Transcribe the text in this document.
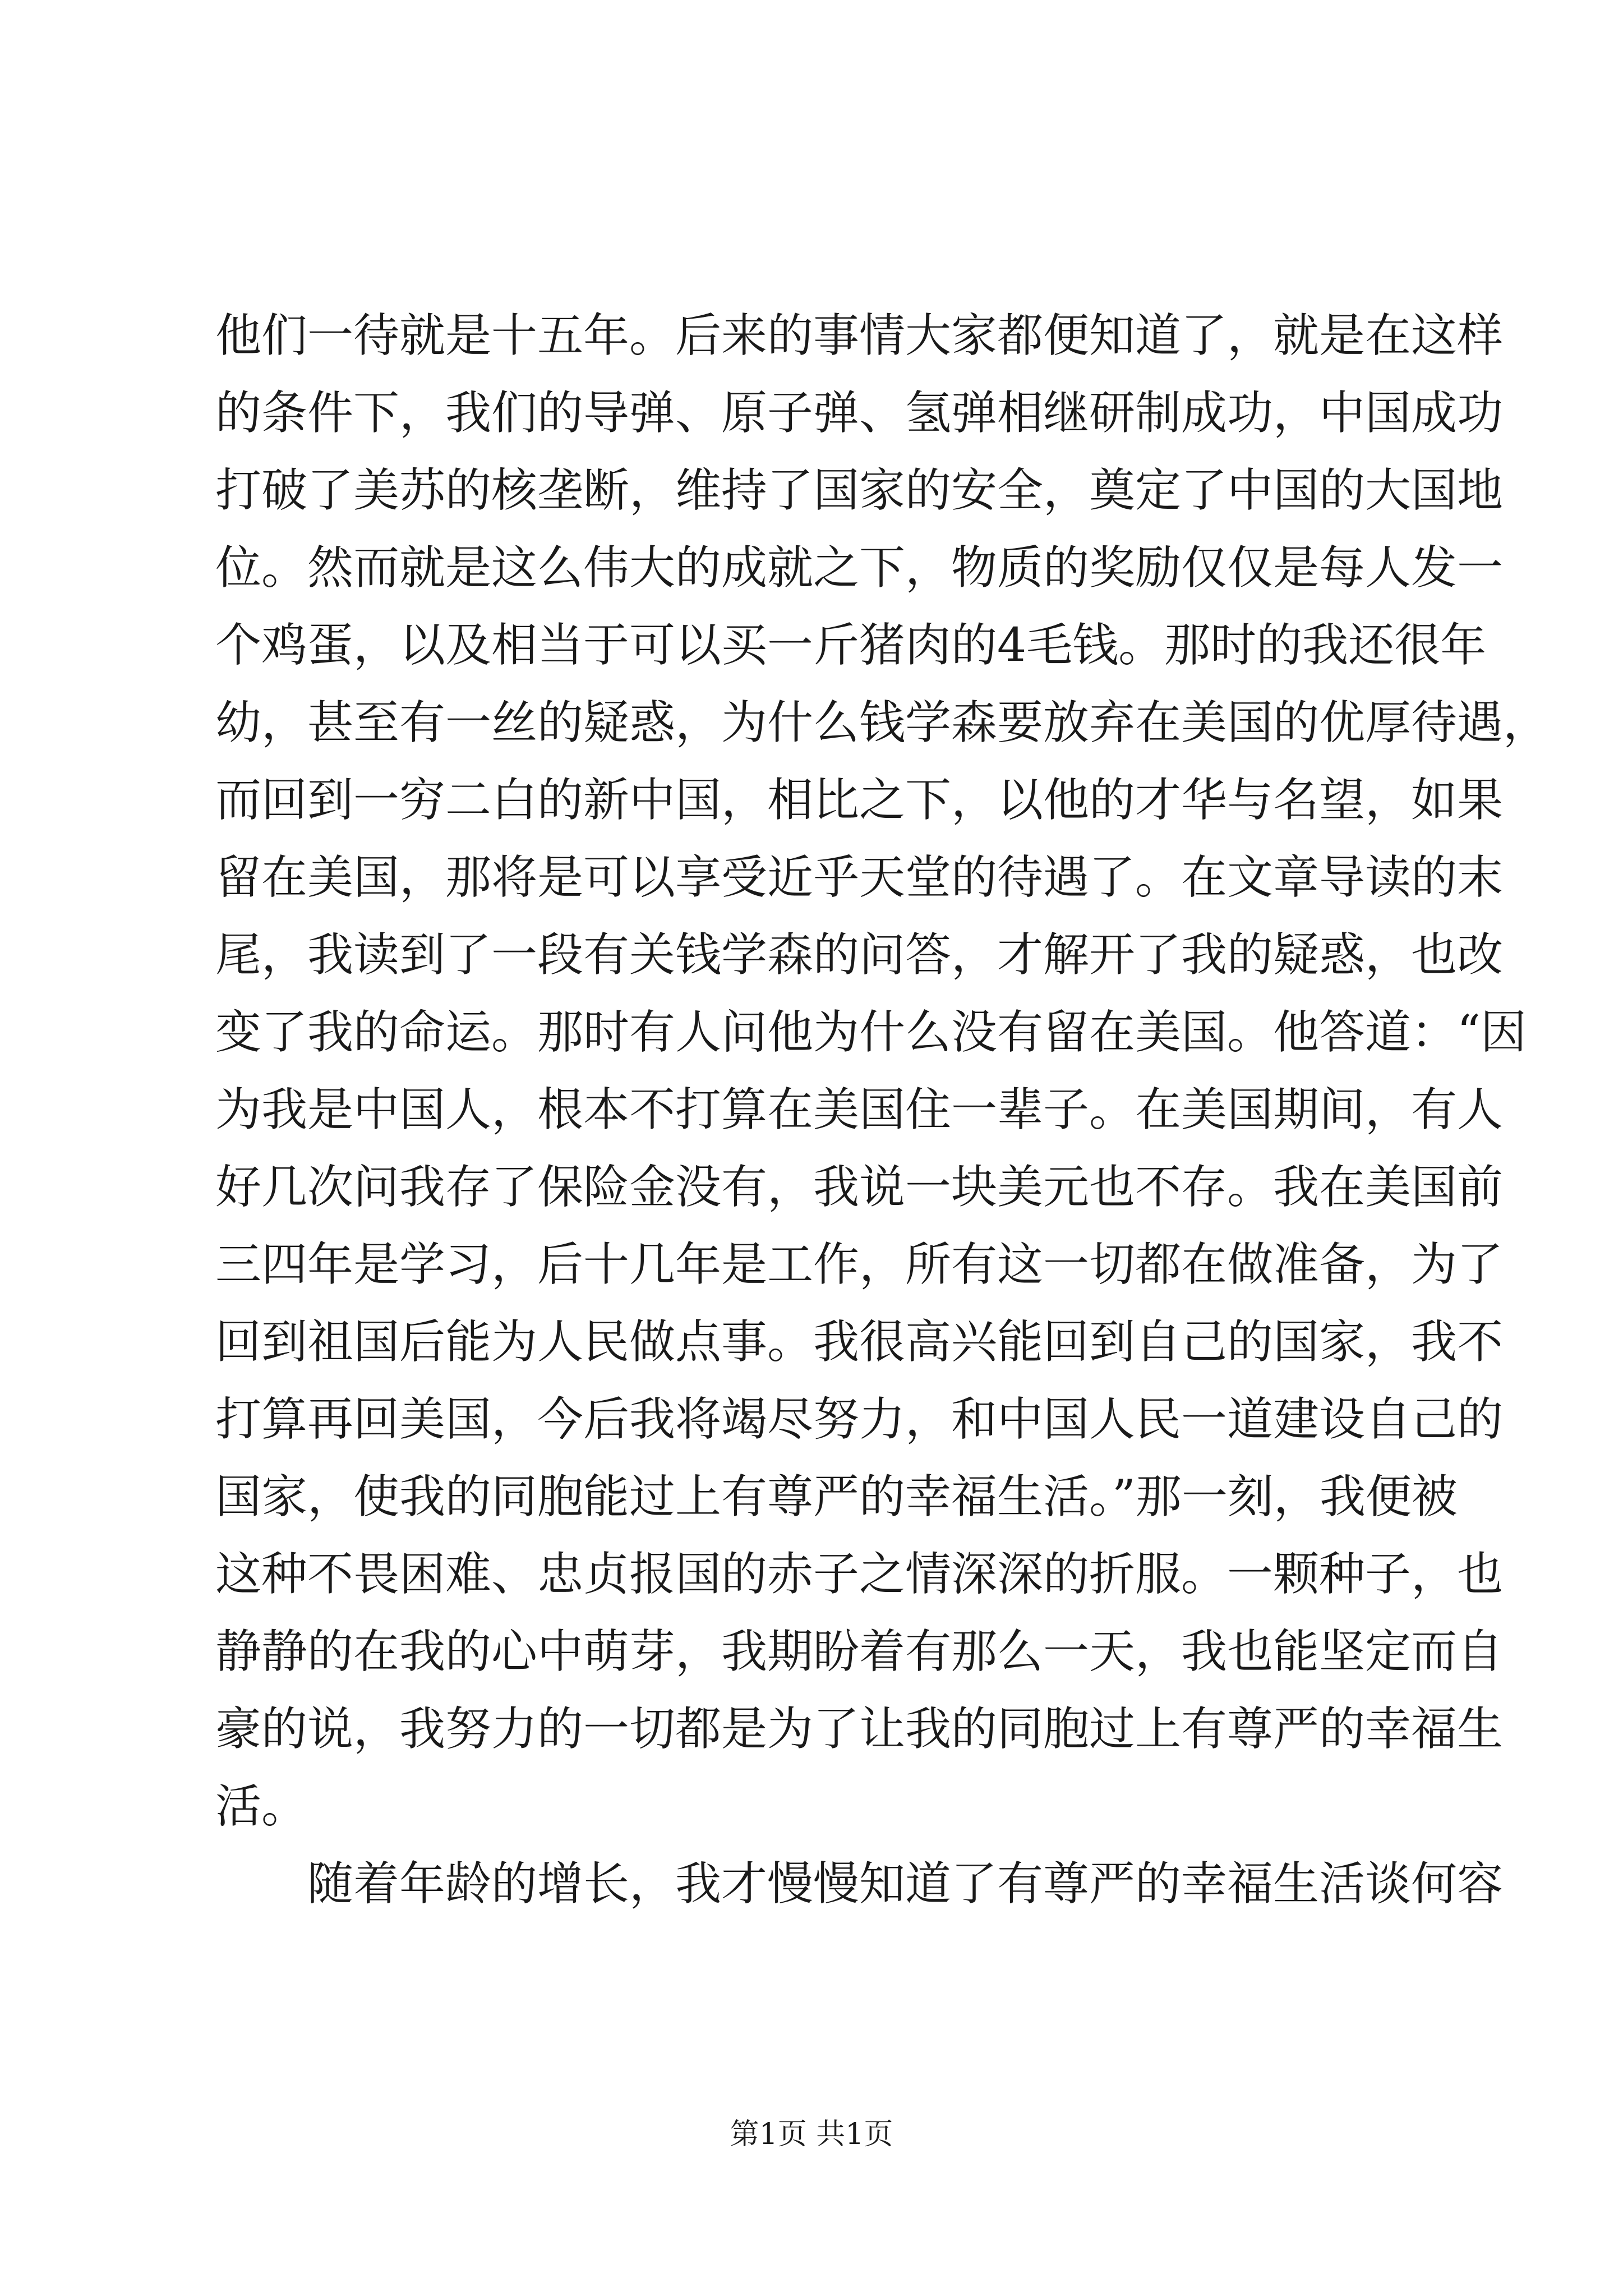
他们一待就是十五年。后来的事情大家都便知道了，就是在这样
的条件下，我们的导弹、原子弹、氢弹相继研制成功，中国成功
打破了美苏的核垄断，维持了国家的安全，奠定了中国的大国地
位。然而就是这么伟大的成就之下，物质的奖励仅仅是每人发一
个鸡蛋，以及相当于可以买一斤猪肉的4毛钱。那时的我还很年
幼，甚至有一丝的疑惑，为什么钱学森要放弃在美国的优厚待遇，
而回到一穷二白的新中国，相比之下，以他的才华与名望，如果
留在美国，那将是可以享受近乎天堂的待遇了。在文章导读的末
尾，我读到了一段有关钱学森的问答，才解开了我的疑惑，也改
变了我的命运。那时有人问他为什么没有留在美国。他答道：“因
为我是中国人，根本不打算在美国住一辈子。在美国期间，有人
好几次问我存了保险金没有，我说一块美元也不存。我在美国前
三四年是学习，后十几年是工作，所有这一切都在做准备，为了
回到祖国后能为人民做点事。我很高兴能回到自己的国家，我不
打算再回美国，今后我将竭尽努力，和中国人民一道建设自己的
国家，使我的同胞能过上有尊严的幸福生活。”那一刻，我便被
这种不畏困难、忠贞报国的赤子之情深深的折服。一颗种子，也
静静的在我的心中萌芽，我期盼着有那么一天，我也能坚定而自
豪的说，我努力的一切都是为了让我的同胞过上有尊严的幸福生
活。
随着年龄的增长，我才慢慢知道了有尊严的幸福生活谈何容
第1页 共1页
